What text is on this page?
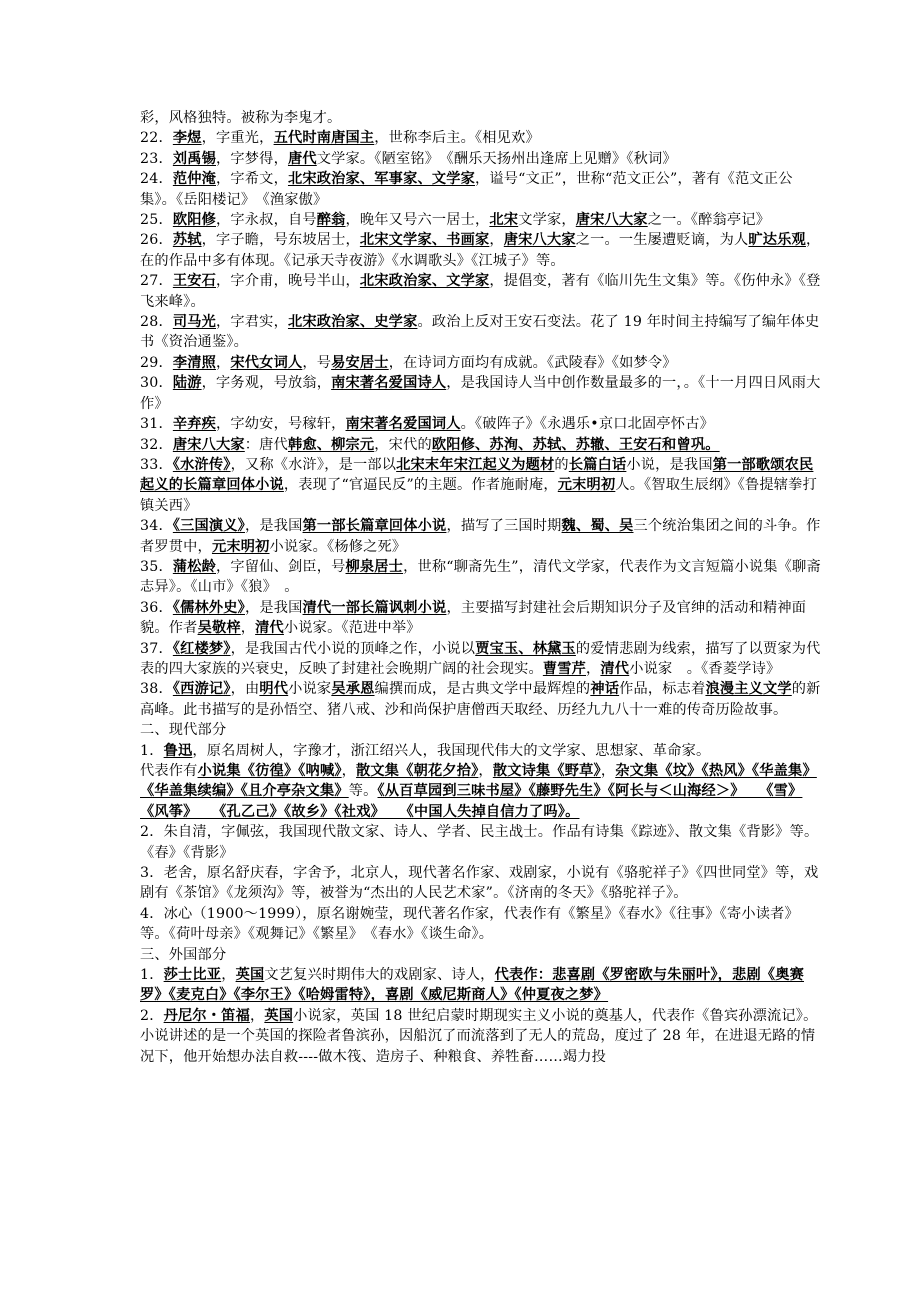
彩，风格独特。被称为李鬼才。

22．李煜，字重光，五代时南唐国主，世称李后主。《相见欢》

23．刘禹锡，字梦得，唐代文学家。《陋室铭》　《酬乐天扬州出逢席上见赠》《秋词》

24．范仲淹，字希文，北宋政治家、军事家、文学家，谥号“文正”，世称“范文正公”，著有《范文正公集》。《岳阳楼记》　《渔家傲》

25．欧阳修，字永叔，自号醉翁，晚年又号六一居士，北宋文学家，唐宋八大家之一。《醉翁亭记》

26．苏轼，字子瞻，号东坡居士，北宋文学家、书画家，唐宋八大家之一。一生屡遭贬谪，为人旷达乐观，在的作品中多有体现。《记承天寺夜游》《水调歌头》《江城子》等。

27．王安石，字介甫，晚号半山，北宋政治家、文学家，提倡变，著有《临川先生文集》等。《伤仲永》《登飞来峰》。

28．司马光，字君实，北宋政治家、史学家。政治上反对王安石变法。花了 19 年时间主持编写了编年体史书《资治通鉴》。

29．李清照，宋代女词人，号易安居士，在诗词方面均有成就。《武陵春》《如梦令》

30．陆游，字务观，号放翁，南宋著名爱国诗人，是我国诗人当中创作数量最多的一，。《十一月四日风雨大作》

31．辛弃疾，字幼安，号稼轩，南宋著名爱国词人。《破阵子》《永遇乐•京口北固亭怀古》

32．唐宋八大家：唐代韩愈、柳宗元，宋代的欧阳修、苏洵、苏轼、苏辙、王安石和曾巩。

33．《水浒传》，又称《水浒》，是一部以北宋末年宋江起义为题材的长篇白话小说，是我国第一部歌颂农民起义的长篇章回体小说，表现了“官逼民反”的主题。作者施耐庵，元末明初人。《智取生辰纲》《鲁提辖拳打镇关西》

34．《三国演义》，是我国第一部长篇章回体小说，描写了三国时期魏、蜀、吴三个统治集团之间的斗争。作者罗贯中，元末明初小说家。《杨修之死》

35．蒲松龄，字留仙、剑臣，号柳泉居士，世称“聊斋先生”，清代文学家，代表作为文言短篇小说集《聊斋志异》。《山市》《狼》　。

36．《儒林外史》，是我国清代一部长篇讽刺小说，主要描写封建社会后期知识分子及官绅的活动和精神面貌。作者吴敬梓，清代小说家。《范进中举》

37．《红楼梦》，是我国古代小说的顶峰之作，小说以贾宝玉、林黛玉的爱情悲剧为线索，描写了以贾家为代表的四大家族的兴衰史，反映了封建社会晚期广阔的社会现实。曹雪芹，清代小说家　。《香菱学诗》

38．《西游记》，由明代小说家吴承恩编撰而成，是古典文学中最辉煌的神话作品，标志着浪漫主义文学的新高峰。此书描写的是孙悟空、猪八戒、沙和尚保护唐僧西天取经、历经九九八十一难的传奇历险故事。

二、现代部分

1．鲁迅，原名周树人，字豫才，浙江绍兴人，我国现代伟大的文学家、思想家、革命家。

代表作有小说集《彷徨》《呐喊》，散文集《朝花夕拾》，散文诗集《野草》，杂文集《坟》《热风》《华盖集》《华盖集续编》《且介亭杂文集》等。《从百草园到三味书屋》《藤野先生》《阿长与＜山海经＞》　　《雪》《风筝》　　《孔乙己》《故乡》《社戏》　　《中国人失掉自信力了吗》。

2．朱自清，字佩弦，我国现代散文家、诗人、学者、民主战士。作品有诗集《踪迹》、散文集《背影》等。《春》《背影》

3．老舍，原名舒庆春，字舍予，北京人，现代著名作家、戏剧家，小说有《骆驼祥子》《四世同堂》等，戏剧有《茶馆》《龙须沟》等，被誉为“杰出的人民艺术家”。《济南的冬天》《骆驼祥子》。

4．冰心（1900～1999），原名谢婉莹，现代著名作家，代表作有《繁星》《春水》《往事》《寄小读者》等。《荷叶母亲》《观舞记》《繁星》　《春水》《谈生命》。

三、外国部分

1．莎士比亚，英国文艺复兴时期伟大的戏剧家、诗人，代表作：悲喜剧《罗密欧与朱丽叶》，悲剧《奥赛罗》《麦克白》《李尔王》《哈姆雷特》，喜剧《威尼斯商人》《仲夏夜之梦》

2．丹尼尔・笛福，英国小说家，英国 18 世纪启蒙时期现实主义小说的奠基人，代表作《鲁宾孙漂流记》。小说讲述的是一个英国的探险者鲁滨孙，因船沉了而流落到了无人的荒岛，度过了 28 年，在进退无路的情况下，他开始想办法自救----做木筏、造房子、种粮食、养牲畜……竭力投
